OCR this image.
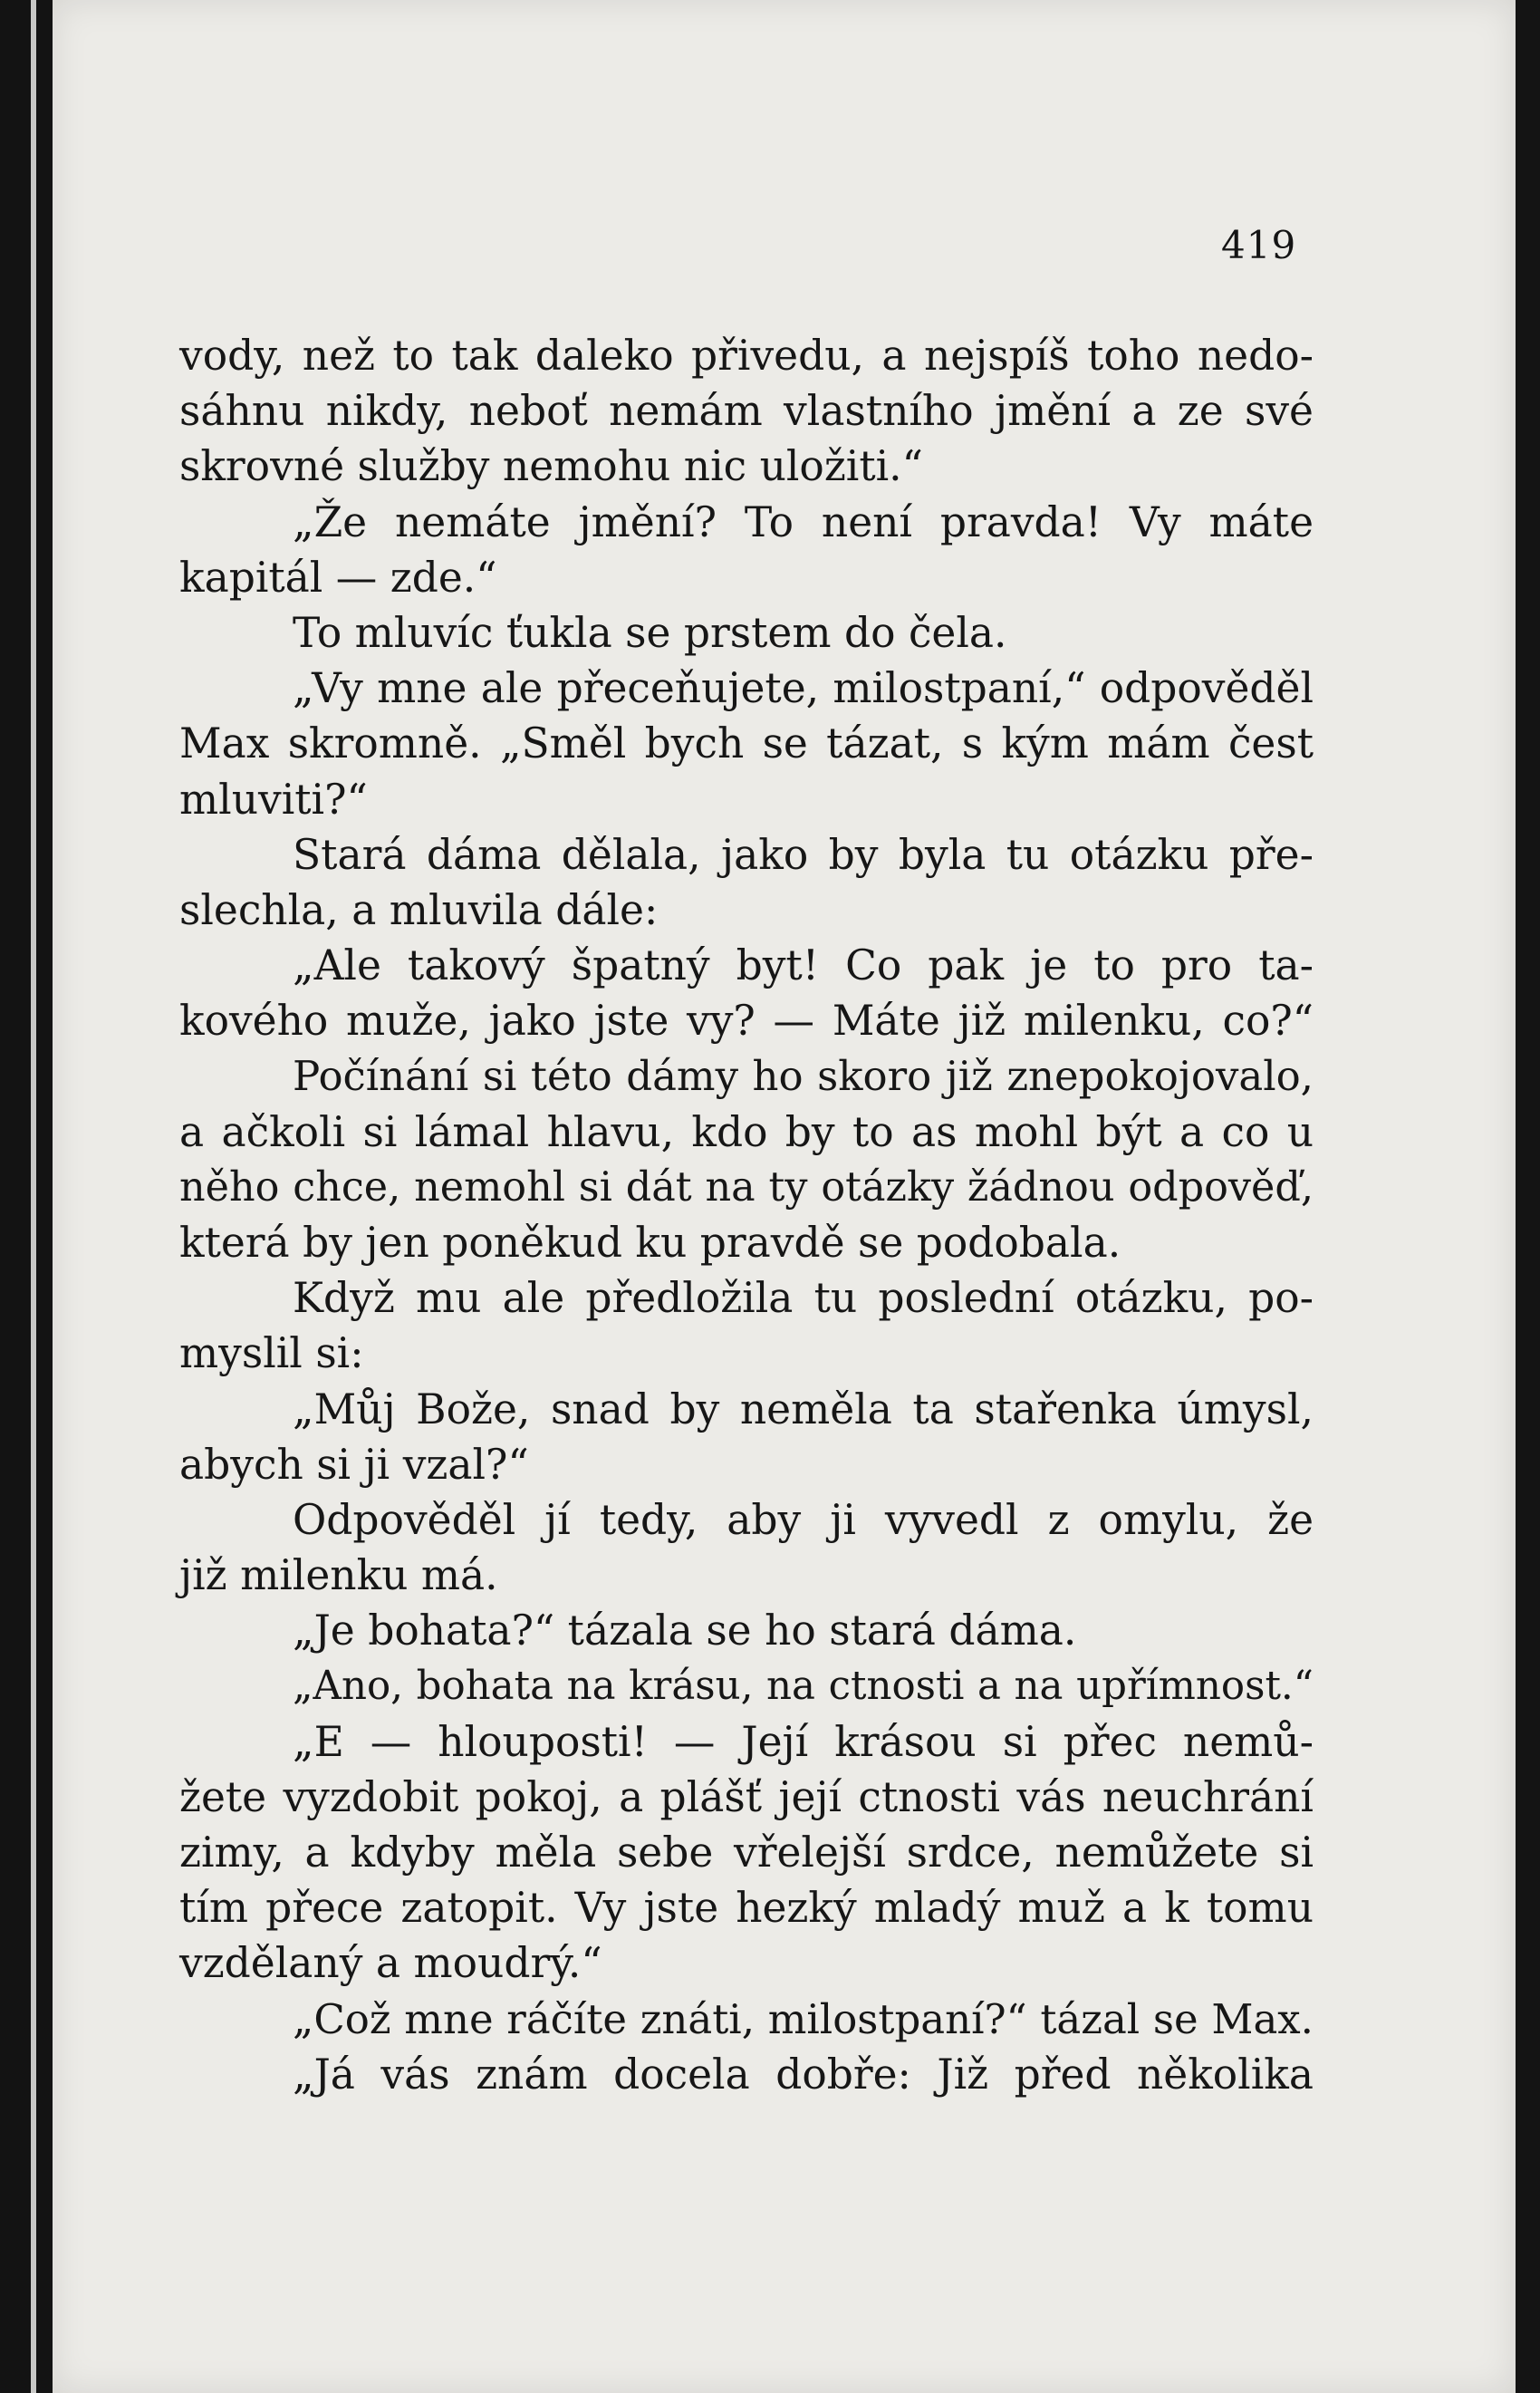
419
vody, než to tak daleko přivedu, a nejspíš toho nedo-
sáhnu nikdy, neboť nemám vlastního jmění a ze své
skrovné služby nemohu nic uložiti.“
„Že nemáte jmění? To není pravda! Vy máte
kapitál — zde.“
To mluvíc ťukla se prstem do čela.
„Vy mne ale přeceňujete, milostpaní,“ odpověděl
Max skromně. „Směl bych se tázat, s kým mám čest
mluviti?“
Stará dáma dělala, jako by byla tu otázku pře-
slechla, a mluvila dále:
„Ale takový špatný byt! Co pak je to pro ta-
kového muže, jako jste vy? — Máte již milenku, co?“
Počínání si této dámy ho skoro již znepokojovalo,
a ačkoli si lámal hlavu, kdo by to as mohl být a co u
něho chce, nemohl si dát na ty otázky žádnou odpověď,
která by jen poněkud ku pravdě se podobala.
Když mu ale předložila tu poslední otázku, po-
myslil si:
„Můj Bože, snad by neměla ta stařenka úmysl,
abych si ji vzal?“
Odpověděl jí tedy, aby ji vyvedl z omylu, že
již milenku má.
„Je bohata?“ tázala se ho stará dáma.
„Ano, bohata na krásu, na ctnosti a na upřímnost.“
„E — hlouposti! — Její krásou si přec nemů-
žete vyzdobit pokoj, a plášť její ctnosti vás neuchrání
zimy, a kdyby měla sebe vřelejší srdce, nemůžete si
tím přece zatopit. Vy jste hezký mladý muž a k tomu
vzdělaný a moudrý.“
„Což mne ráčíte znáti, milostpaní?“ tázal se Max.
„Já vás znám docela dobře: Již před několika
